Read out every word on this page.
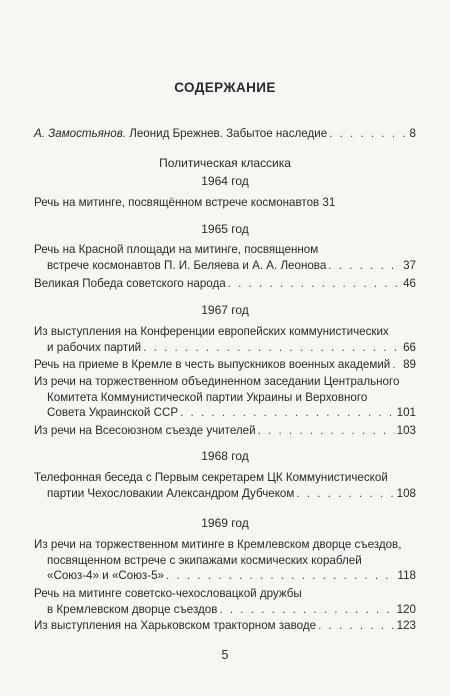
СОДЕРЖАНИЕ
А. Замостьянов. Леонид Брежнев. Забытое наследие . . .	8
Политическая классика
1964 год
Речь на митинге, посвящённом встрече космонавтов 31
1965 год
Речь на Красной площади на митинге, посвященном
встрече космонавтов П. И. Беляева и А. А. Леонова . . .	37
Великая Победа советского народа . . .	46
1967 год
Из выступления на Конференции европейских коммунистических
и рабочих партий . . .	66
Речь на приеме в Кремле в честь выпускников военных академий . . . 89
Из речи на торжественном объединенном заседании Центрального
Комитета Коммунистической партии Украины и Верховного
Совета Украинской ССР . . .	101
Из речи на Всесоюзном съезде учителей . . .	103
1968 год
Телефонная беседа с Первым секретарем ЦК Коммунистической
партии Чехословакии Александром Дубчеком . . .	108
1969 год
Из речи на торжественном митинге в Кремлевском дворце съездов,
посвященном встрече с экипажами космических кораблей
«Союз-4» и «Союз-5» . . .	118
Речь на митинге советско-чехословацкой дружбы
в Кремлевском дворце съездов . . .	120
Из выступления на Харьковском тракторном заводе . . .	123
5
